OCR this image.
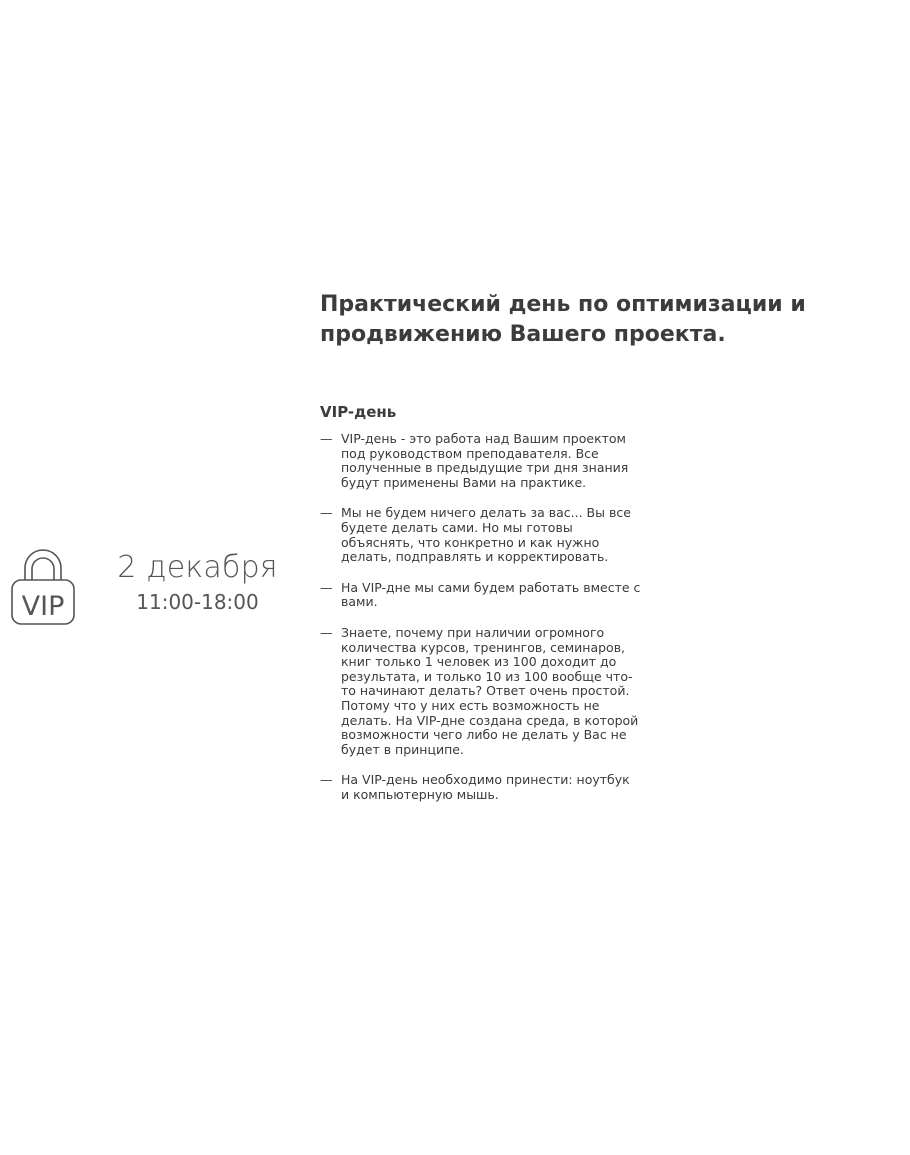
VIP
2 декабря
11:00-18:00
Практический день по оптимизации и продвижению Вашего проекта.
VIP-день
— VIP-день - это работа над Вашим проектом под руководством преподавателя. Все полученные в предыдущие три дня знания будут применены Вами на практике.
— Мы не будем ничего делать за вас... Вы все будете делать сами. Но мы готовы объяснять, что конкретно и как нужно делать, подправлять и корректировать.
— На VIP-дне мы сами будем работать вместе с вами.
— Знаете, почему при наличии огромного количества курсов, тренингов, семинаров, книг только 1 человек из 100 доходит до результата, и только 10 из 100 вообще что-то начинают делать? Ответ очень простой. Потому что у них есть возможность не делать. На VIP-дне создана среда, в которой возможности чего либо не делать у Вас не будет в принципе.
— На VIP-день необходимо принести: ноутбук и компьютерную мышь.
